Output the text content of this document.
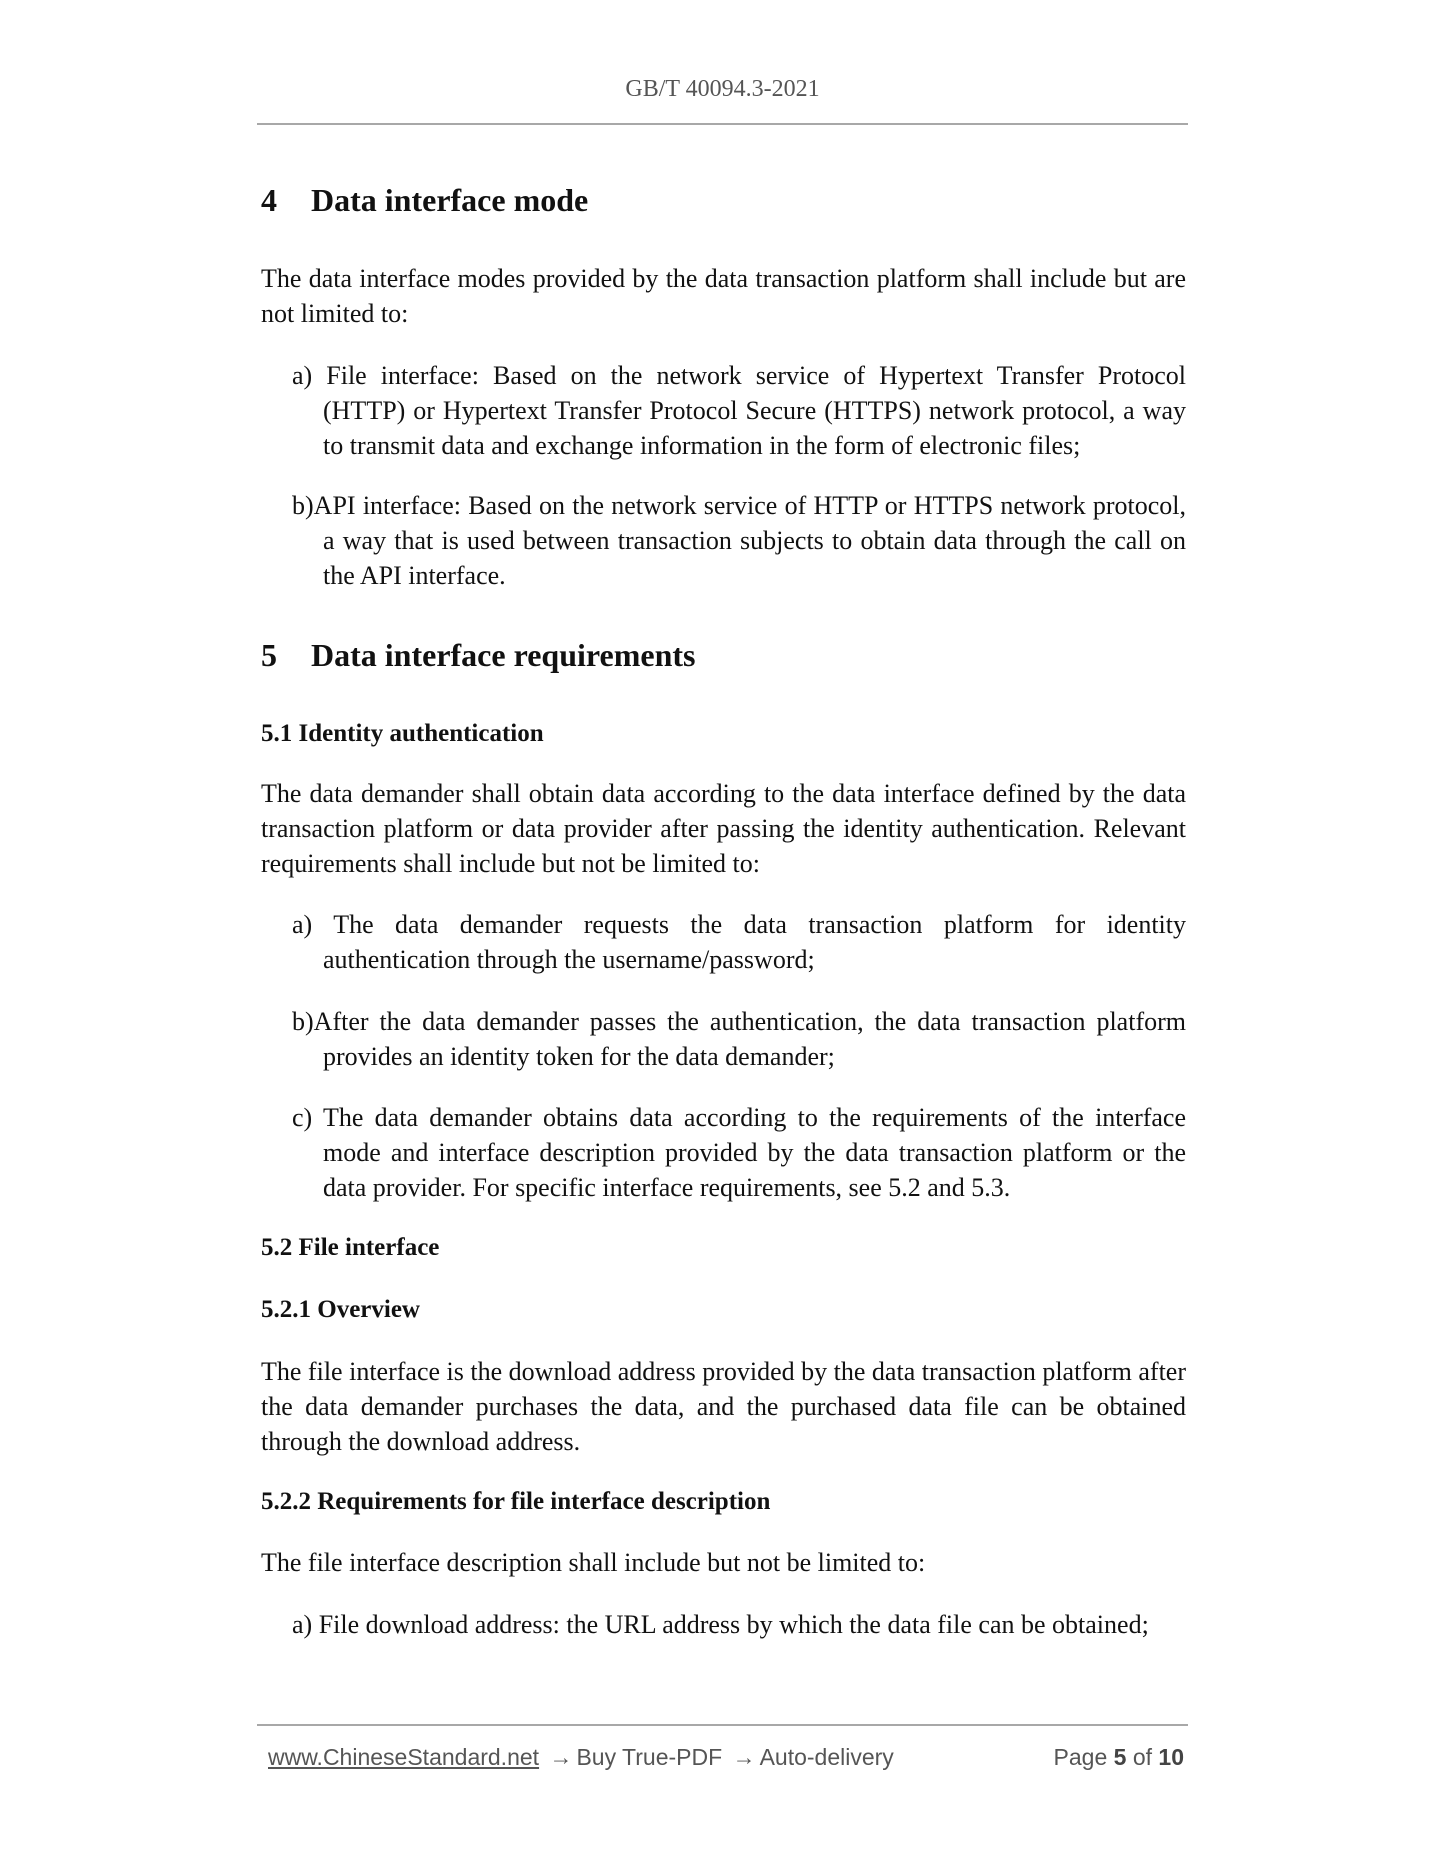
GB/T 40094.3-2021
4 Data interface mode
The data interface modes provided by the data transaction platform shall include but are not limited to:
a) File interface: Based on the network service of Hypertext Transfer Protocol (HTTP) or Hypertext Transfer Protocol Secure (HTTPS) network protocol, a way to transmit data and exchange information in the form of electronic files;
b)API interface: Based on the network service of HTTP or HTTPS network protocol, a way that is used between transaction subjects to obtain data through the call on the API interface.
5 Data interface requirements
5.1 Identity authentication
The data demander shall obtain data according to the data interface defined by the data transaction platform or data provider after passing the identity authentication. Relevant requirements shall include but not be limited to:
a) The data demander requests the data transaction platform for identity authentication through the username/password;
b)After the data demander passes the authentication, the data transaction platform provides an identity token for the data demander;
c) The data demander obtains data according to the requirements of the interface mode and interface description provided by the data transaction platform or the data provider. For specific interface requirements, see 5.2 and 5.3.
5.2 File interface
5.2.1 Overview
The file interface is the download address provided by the data transaction platform after the data demander purchases the data, and the purchased data file can be obtained through the download address.
5.2.2 Requirements for file interface description
The file interface description shall include but not be limited to:
a) File download address: the URL address by which the data file can be obtained;
www.ChineseStandard.net → Buy True-PDF → Auto-delivery	Page 5 of 10
